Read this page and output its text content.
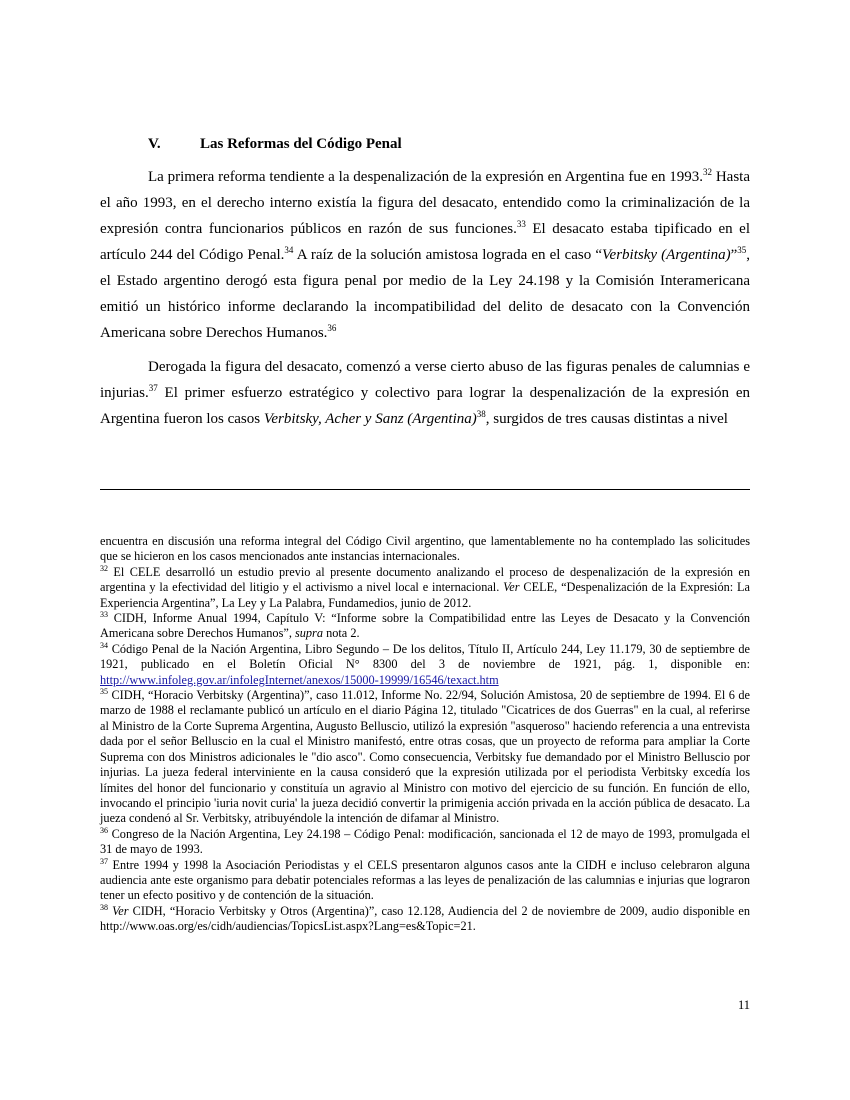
V.	Las Reformas del Código Penal

La primera reforma tendiente a la despenalización de la expresión en Argentina fue en 1993.32 Hasta el año 1993, en el derecho interno existía la figura del desacato, entendido como la criminalización de la expresión contra funcionarios públicos en razón de sus funciones.$^{33}$ El desacato estaba tipificado en el artículo 244 del Código Penal.$^{34}$ A raíz de la solución amistosa lograda en el caso “Verbitsky (Argentina)”$^{35}$, el Estado argentino derogó esta figura penal por medio de la Ley 24.198 y la Comisión Interamericana emitió un histórico informe declarando la incompatibilidad del delito de desacato con la Convención Americana sobre Derechos Humanos.$^{36}$

Derogada la figura del desacato, comenzó a verse cierto abuso de las figuras penales de calumnias e injurias.$^{37}$ El primer esfuerzo estratégico y colectivo para lograr la despenalización de la expresión en Argentina fueron los casos Verbitsky, Acher y Sanz (Argentina)$^{38}$, surgidos de tres causas distintas a nivel

encuentra en discusión una reforma integral del Código Civil argentino, que lamentablemente no ha contemplado las solicitudes que se hicieron en los casos mencionados ante instancias internacionales.

$^{32}$ El CELE desarrolló un estudio previo al presente documento analizando el proceso de despenalización de la expresión en argentina y la efectividad del litigio y el activismo a nivel local e internacional. Ver CELE, “Despenalización de la Expresión: La Experiencia Argentina”, La Ley y La Palabra, Fundamedios, junio de 2012.

$^{33}$ CIDH, Informe Anual 1994, Capítulo V: “Informe sobre la Compatibilidad entre las Leyes de Desacato y la Convención Americana sobre Derechos Humanos”, supra nota 2.

$^{34}$ Código Penal de la Nación Argentina, Libro Segundo – De los delitos, Título II, Artículo 244, Ley 11.179, 30 de septiembre de 1921, publicado en el Boletín Oficial N° 8300 del 3 de noviembre de 1921, pág. 1, disponible en: http://www.infoleg.gov.ar/infolegInternet/anexos/15000-19999/16546/texact.htm

$^{35}$ CIDH, “Horacio Verbitsky (Argentina)”, caso 11.012, Informe No. 22/94, Solución Amistosa, 20 de septiembre de 1994. El 6 de marzo de 1988 el reclamante publicó un artículo en el diario Página 12, titulado "Cicatrices de dos Guerras" en la cual, al referirse al Ministro de la Corte Suprema Argentina, Augusto Belluscio, utilizó la expresión "asqueroso" haciendo referencia a una entrevista dada por el señor Belluscio en la cual el Ministro manifestó, entre otras cosas, que un proyecto de reforma para ampliar la Corte Suprema con dos Ministros adicionales le "dio asco". Como consecuencia, Verbitsky fue demandado por el Ministro Belluscio por injurias. La jueza federal interviniente en la causa consideró que la expresión utilizada por el periodista Verbitsky excedía los límites del honor del funcionario y constituía un agravio al Ministro con motivo del ejercicio de su función. En función de ello, invocando el principio 'iuria novit curia' la jueza decidió convertir la primigenia acción privada en la acción pública de desacato. La jueza condenó al Sr. Verbitsky, atribuyéndole la intención de difamar al Ministro.

$^{36}$ Congreso de la Nación Argentina, Ley 24.198 – Código Penal: modificación, sancionada el 12 de mayo de 1993, promulgada el 31 de mayo de 1993.

$^{37}$ Entre 1994 y 1998 la Asociación Periodistas y el CELS presentaron algunos casos ante la CIDH e incluso celebraron alguna audiencia ante este organismo para debatir potenciales reformas a las leyes de penalización de las calumnias e injurias que lograron tener un efecto positivo y de contención de la situación.

$^{38}$ Ver CIDH, “Horacio Verbitsky y Otros (Argentina)”, caso 12.128, Audiencia del 2 de noviembre de 2009, audio disponible en http://www.oas.org/es/cidh/audiencias/TopicsList.aspx?Lang=es&Topic=21.

11
